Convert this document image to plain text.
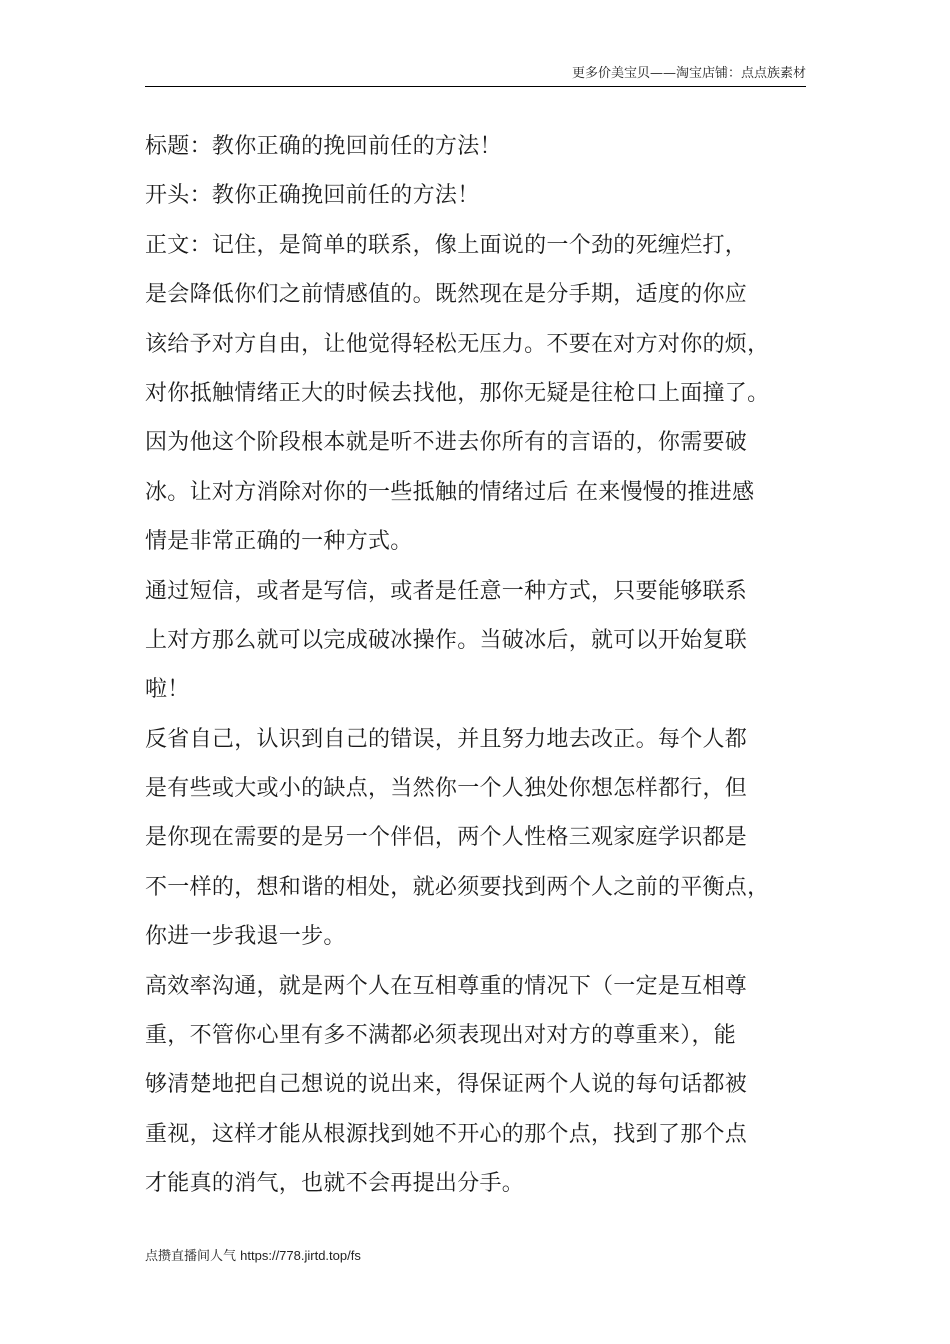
更多价美宝贝——淘宝店铺：点点族素材
标题：教你正确的挽回前任的方法！
开头：教你正确挽回前任的方法！
正文：记住，是简单的联系，像上面说的一个劲的死缠烂打，
是会降低你们之前情感值的。既然现在是分手期，适度的你应
该给予对方自由，让他觉得轻松无压力。不要在对方对你的烦，
对你抵触情绪正大的时候去找他，那你无疑是往枪口上面撞了。
因为他这个阶段根本就是听不进去你所有的言语的，你需要破
冰。让对方消除对你的一些抵触的情绪过后 在来慢慢的推进感
情是非常正确的一种方式。
通过短信，或者是写信，或者是任意一种方式，只要能够联系
上对方那么就可以完成破冰操作。当破冰后，就可以开始复联
啦！
反省自己，认识到自己的错误，并且努力地去改正。每个人都
是有些或大或小的缺点，当然你一个人独处你想怎样都行，但
是你现在需要的是另一个伴侣，两个人性格三观家庭学识都是
不一样的，想和谐的相处，就必须要找到两个人之前的平衡点，
你进一步我退一步。
高效率沟通，就是两个人在互相尊重的情况下（一定是互相尊
重，不管你心里有多不满都必须表现出对对方的尊重来），能
够清楚地把自己想说的说出来，得保证两个人说的每句话都被
重视，这样才能从根源找到她不开心的那个点，找到了那个点
才能真的消气，也就不会再提出分手。
点攒直播间人气 https://778.jirtd.top/fs
